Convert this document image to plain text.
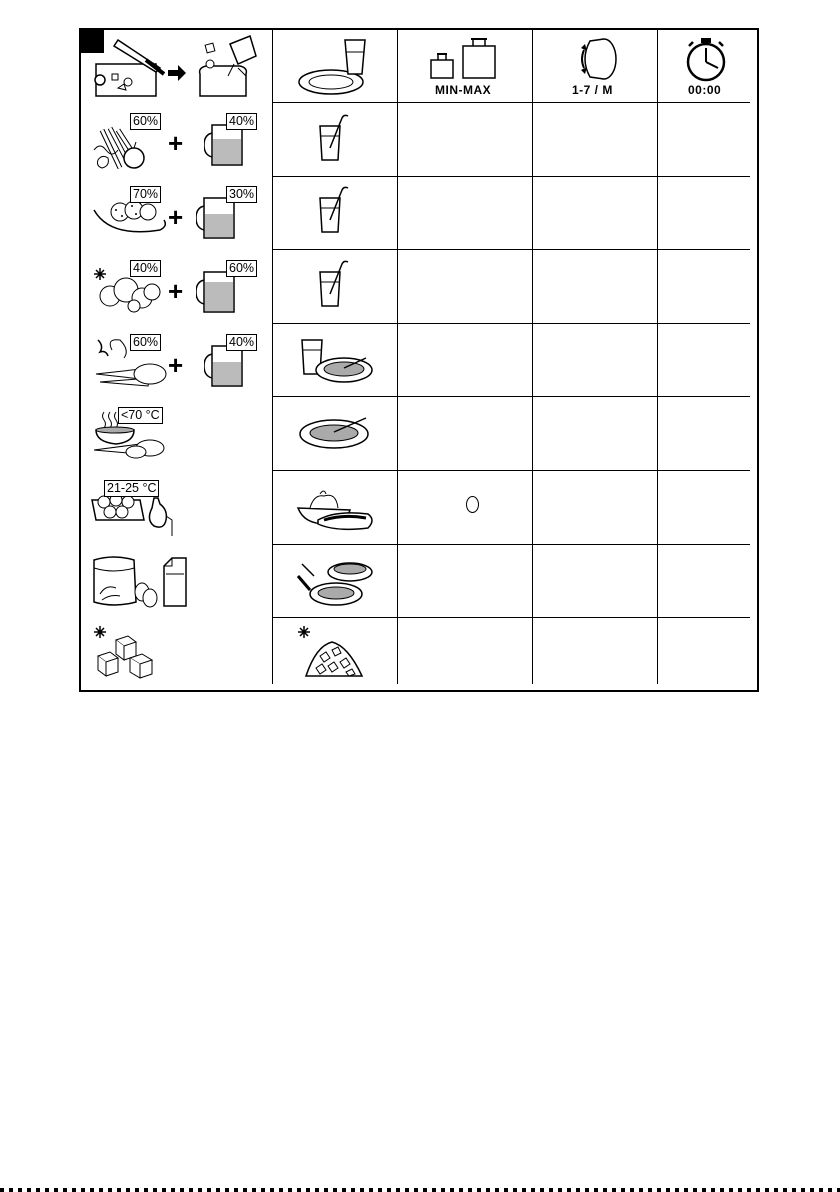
MIN-MAX	1-7 / M	00:00
60%
+
40%
70%
+
30%
40%
+
60%
60%
+
40%
<70 °C
21-25 °C
